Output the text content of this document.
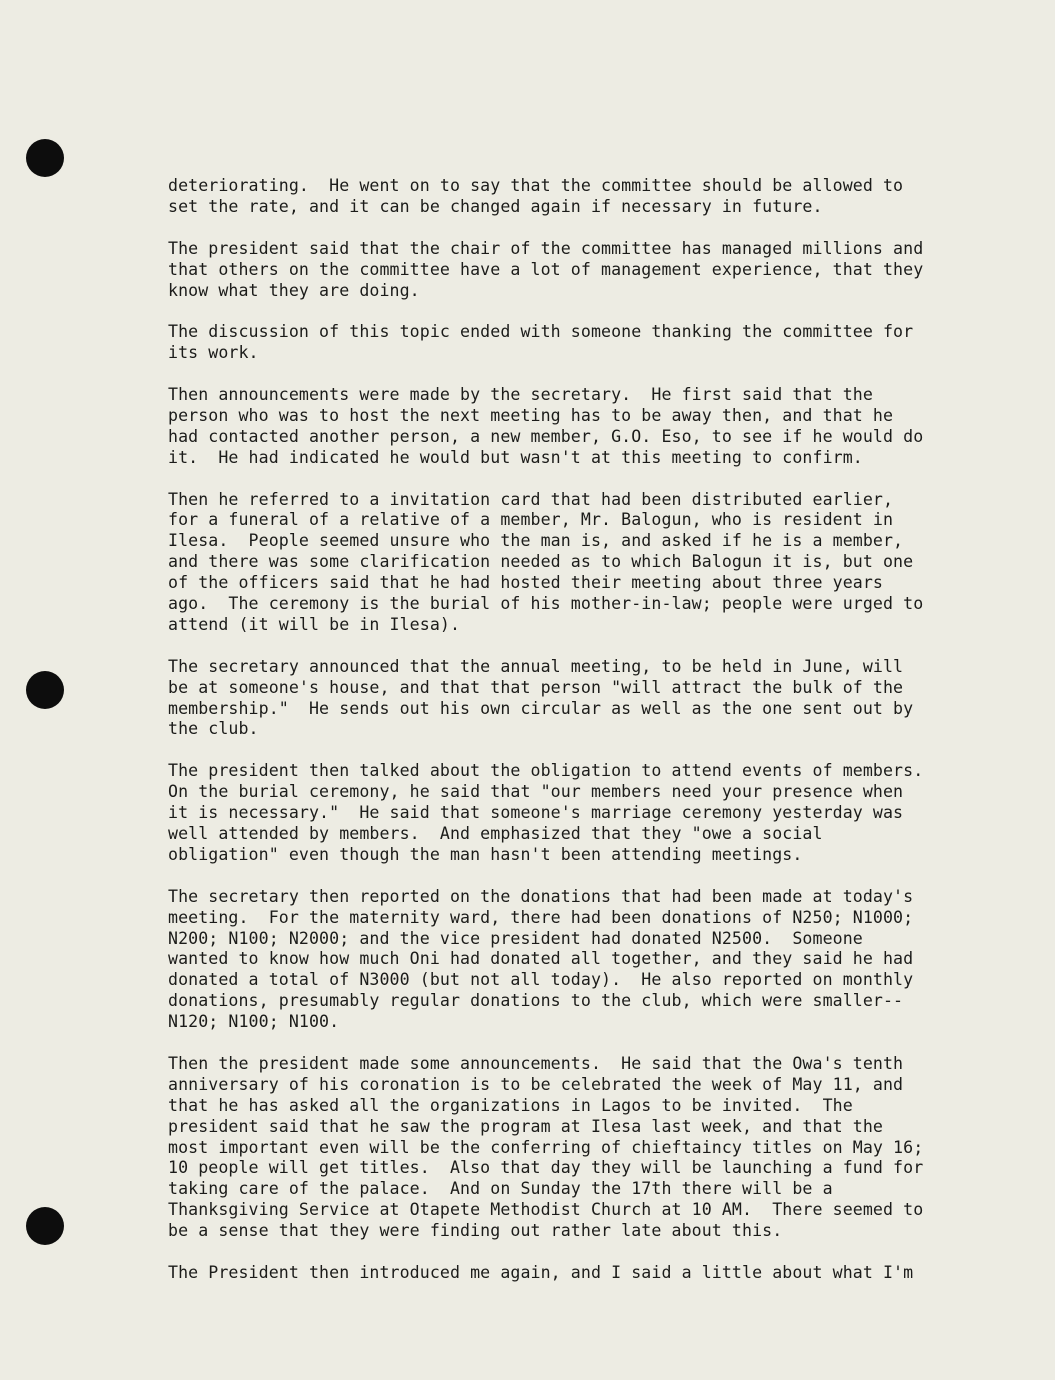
deteriorating.  He went on to say that the committee should be allowed to
set the rate, and it can be changed again if necessary in future.

The president said that the chair of the committee has managed millions and
that others on the committee have a lot of management experience, that they
know what they are doing.

The discussion of this topic ended with someone thanking the committee for
its work.

Then announcements were made by the secretary.  He first said that the
person who was to host the next meeting has to be away then, and that he
had contacted another person, a new member, G.O. Eso, to see if he would do
it.  He had indicated he would but wasn't at this meeting to confirm.

Then he referred to a invitation card that had been distributed earlier,
for a funeral of a relative of a member, Mr. Balogun, who is resident in
Ilesa.  People seemed unsure who the man is, and asked if he is a member,
and there was some clarification needed as to which Balogun it is, but one
of the officers said that he had hosted their meeting about three years
ago.  The ceremony is the burial of his mother-in-law; people were urged to
attend (it will be in Ilesa).

The secretary announced that the annual meeting, to be held in June, will
be at someone's house, and that that person "will attract the bulk of the
membership."  He sends out his own circular as well as the one sent out by
the club.

The president then talked about the obligation to attend events of members.
On the burial ceremony, he said that "our members need your presence when
it is necessary."  He said that someone's marriage ceremony yesterday was
well attended by members.  And emphasized that they "owe a social
obligation" even though the man hasn't been attending meetings.

The secretary then reported on the donations that had been made at today's
meeting.  For the maternity ward, there had been donations of N250; N1000;
N200; N100; N2000; and the vice president had donated N2500.  Someone
wanted to know how much Oni had donated all together, and they said he had
donated a total of N3000 (but not all today).  He also reported on monthly
donations, presumably regular donations to the club, which were smaller--
N120; N100; N100.

Then the president made some announcements.  He said that the Owa's tenth
anniversary of his coronation is to be celebrated the week of May 11, and
that he has asked all the organizations in Lagos to be invited.  The
president said that he saw the program at Ilesa last week, and that the
most important even will be the conferring of chieftaincy titles on May 16;
10 people will get titles.  Also that day they will be launching a fund for
taking care of the palace.  And on Sunday the 17th there will be a
Thanksgiving Service at Otapete Methodist Church at 10 AM.  There seemed to
be a sense that they were finding out rather late about this.

The President then introduced me again, and I said a little about what I'm
